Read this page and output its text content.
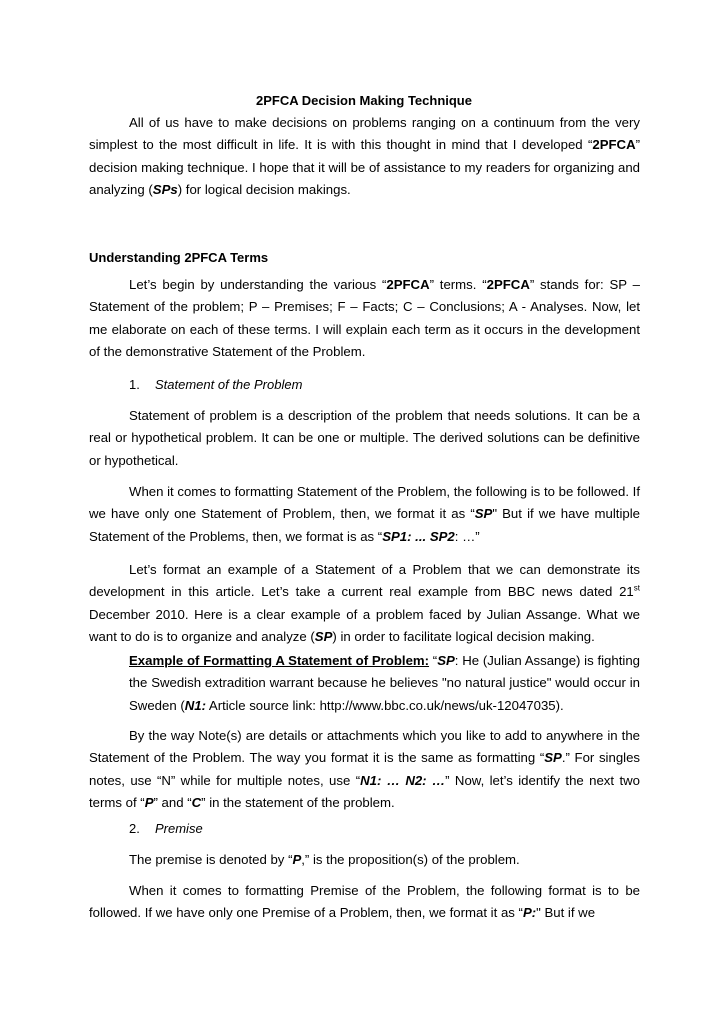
2PFCA Decision Making Technique

All of us have to make decisions on problems ranging on a continuum from the very simplest to the most difficult in life. It is with this thought in mind that I developed “2PFCA” decision making technique. I hope that it will be of assistance to my readers for organizing and analyzing (SPs) for logical decision makings.

Understanding 2PFCA Terms

Let’s begin by understanding the various “2PFCA” terms. “2PFCA” stands for: SP – Statement of the problem; P – Premises; F – Facts; C – Conclusions; A - Analyses. Now, let me elaborate on each of these terms. I will explain each term as it occurs in the development of the demonstrative Statement of the Problem.

1. Statement of the Problem

Statement of problem is a description of the problem that needs solutions. It can be a real or hypothetical problem. It can be one or multiple. The derived solutions can be definitive or hypothetical.

When it comes to formatting Statement of the Problem, the following is to be followed. If we have only one Statement of Problem, then, we format it as “SP" But if we have multiple Statement of the Problems, then, we format is as “SP1: ... SP2: …”

Let’s format an example of a Statement of a Problem that we can demonstrate its development in this article. Let’s take a current real example from BBC news dated 21st December 2010. Here is a clear example of a problem faced by Julian Assange. What we want to do is to organize and analyze (SP) in order to facilitate logical decision making.

Example of Formatting A Statement of Problem: “SP: He (Julian Assange) is fighting the Swedish extradition warrant because he believes "no natural justice" would occur in Sweden (N1: Article source link: http://www.bbc.co.uk/news/uk-12047035).

By the way Note(s) are details or attachments which you like to add to anywhere in the Statement of the Problem. The way you format it is the same as formatting “SP.” For singles notes, use “N” while for multiple notes, use “N1: … N2: …” Now, let’s identify the next two terms of “P” and “C” in the statement of the problem.

2. Premise

The premise is denoted by “P,” is the proposition(s) of the problem.

When it comes to formatting Premise of the Problem, the following format is to be followed. If we have only one Premise of a Problem, then, we format it as “P:" But if we
